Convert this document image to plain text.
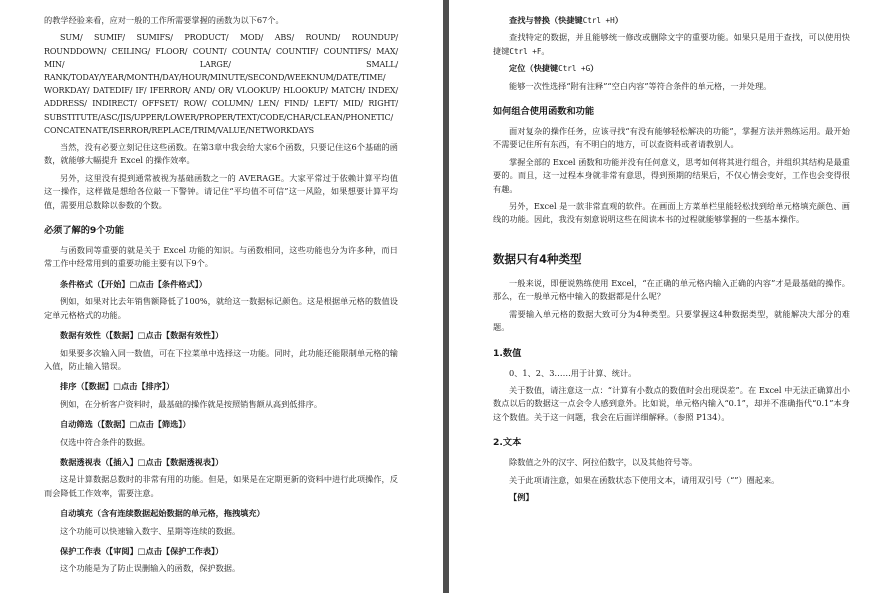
的教学经验来看，应对一般的工作所需要掌握的函数为以下67个。

SUM/ SUMIF/ SUMIFS/ PRODUCT/ MOD/ ABS/ ROUND/ ROUNDUP/ ROUNDDOWN/ CEILING/ FLOOR/ COUNT/ COUNTA/ COUNTIF/ COUNTIFS/ MAX/ MIN/ LARGE/ SMALL/ RANK/TODAY/YEAR/MONTH/DAY/HOUR/MINUTE/SECOND/WEEKNUM/DATE/TIME/ WORKDAY/ DATEDIF/ IF/ IFERROR/ AND/ OR/ VLOOKUP/ HLOOKUP/ MATCH/ INDEX/ ADDRESS/ INDIRECT/ OFFSET/ ROW/ COLUMN/ LEN/ FIND/ LEFT/ MID/ RIGHT/ SUBSTITUTE/ASC/JIS/UPPER/LOWER/PROPER/TEXT/CODE/CHAR/CLEAN/PHONETIC/ CONCATENATE/ISERROR/REPLACE/TRIM/VALUE/NETWORKDAYS

当然，没有必要立刻记住这些函数。在第3章中我会给大家6个函数，只要记住这6个基础的函数，就能够大幅提升 Excel 的操作效率。

另外，这里没有提到通常被视为基础函数之一的 AVERAGE。大家平常过于依赖计算平均值这一操作，这样做是想给各位敲一下警钟。请记住“平均值不可信”这一风险，如果想要计算平均值，需要用总数除以参数的个数。

必须了解的9个功能

与函数同等重要的就是关于 Excel 功能的知识。与函数相同，这些功能也分为许多种，而日常工作中经常用到的重要功能主要有以下9个。

条件格式（【开始】□点击【条件格式】）

例如，如果对比去年销售额降低了100%，就给这一数据标记颜色。这是根据单元格的数值设定单元格格式的功能。

数据有效性（【数据】□点击【数据有效性】）

如果要多次输入同一数值，可在下拉菜单中选择这一功能。同时，此功能还能限制单元格的输入值，防止输入错误。

排序（【数据】□点击【排序】）

例如，在分析客户资料时，最基础的操作就是按照销售额从高到低排序。

自动筛选（【数据】□点击【筛选】）

仅选中符合条件的数据。

数据透视表（【插入】□点击【数据透视表】）

这是计算数据总数时的非常有用的功能。但是，如果是在定期更新的资料中进行此项操作，反而会降低工作效率，需要注意。

自动填充（含有连续数据起始数据的单元格，拖拽填充）

这个功能可以快速输入数字、星期等连续的数据。

保护工作表（【审阅】□点击【保护工作表】）

这个功能是为了防止误删输入的函数，保护数据。

查找与替换（快捷键Ctrl +H）

查找特定的数据，并且能够统一修改或删除文字的重要功能。如果只是用于查找，可以使用快捷键Ctrl +F。

定位（快捷键Ctrl +G）

能够一次性选择“附有注释”“空白内容”等符合条件的单元格，一并处理。

如何组合使用函数和功能

面对复杂的操作任务，应该寻找“有没有能够轻松解决的功能”，掌握方法并熟练运用。最开始不需要记住所有东西，有不明白的地方，可以查资料或者请教别人。

掌握全部的 Excel 函数和功能并没有任何意义，思考如何将其进行组合，并组织其结构是最重要的。而且，这一过程本身就非常有意思，得到预期的结果后，不仅心情会变好，工作也会变得很有趣。

另外，Excel 是一款非常直观的软件。在画面上方菜单栏里能轻松找到给单元格填充颜色、画线的功能。因此，我没有刻意说明这些在阅读本书的过程就能够掌握的一些基本操作。

数据只有4种类型

一般来说，即便说熟练使用 Excel，“在正确的单元格内输入正确的内容”才是最基础的操作。那么，在一般单元格中输入的数据都是什么呢？

需要输入单元格的数据大致可分为4种类型。只要掌握这4种数据类型，就能解决大部分的难题。

1.数值

0、1、2、3……用于计算、统计。

关于数值，请注意这一点：“计算有小数点的数值时会出现误差”。在 Excel 中无法正确算出小数点以后的数据这一点会令人感到意外。比如说，单元格内输入“0.1”，却并不准确指代“0.1”本身这个数值。关于这一问题，我会在后面详细解释。（参照 P134）。

2.文本

除数值之外的汉字、阿拉伯数字，以及其他符号等。

关于此项请注意，如果在函数状态下使用文本，请用双引号（“”）圈起来。

【例】
